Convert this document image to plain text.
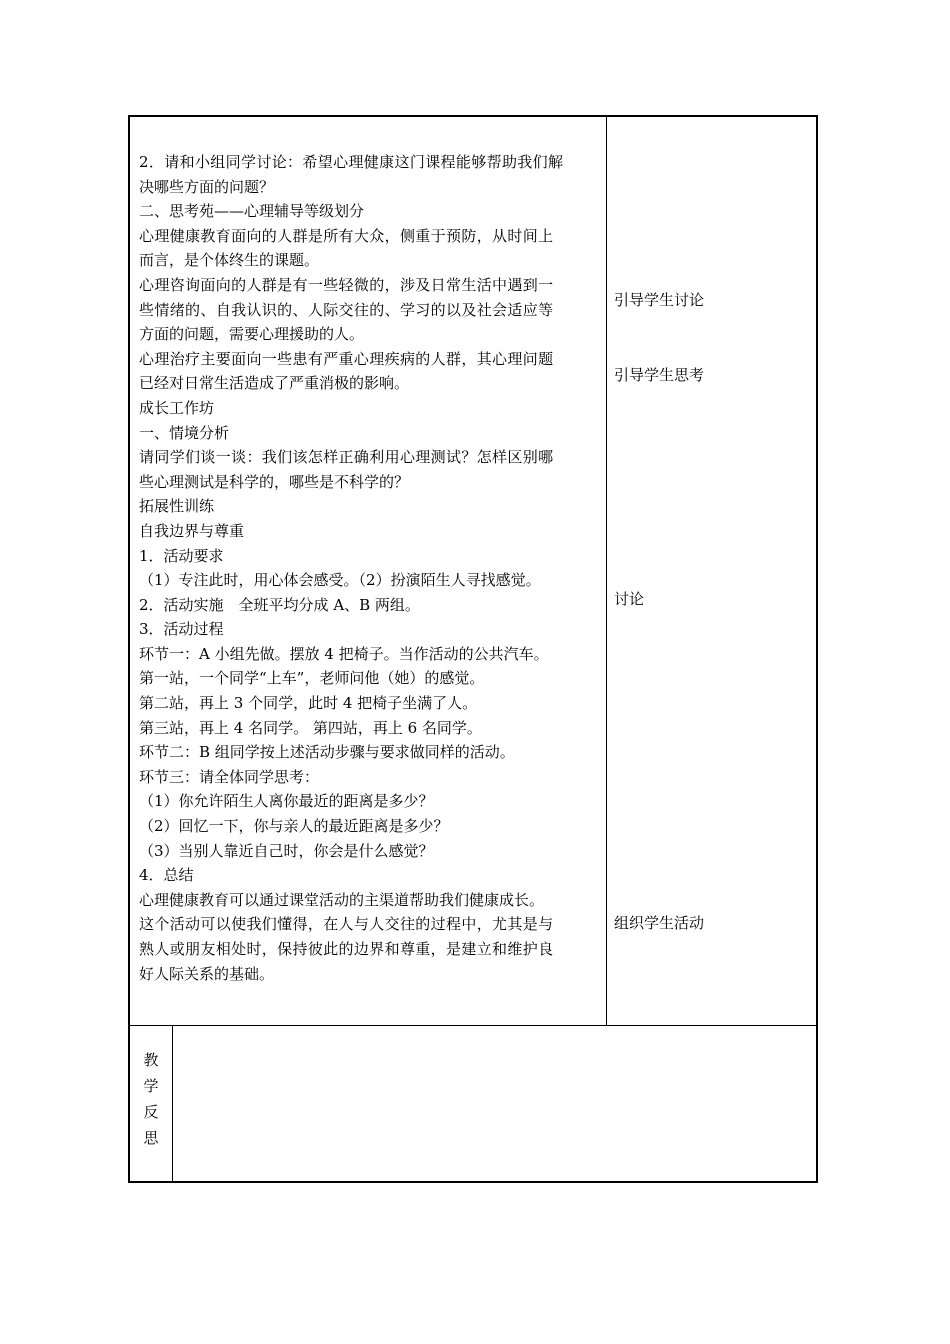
2．请和小组同学讨论：希望心理健康这门课程能够帮助我们解

决哪些方面的问题？

二、思考苑——心理辅导等级划分

心理健康教育面向的人群是所有大众，侧重于预防，从时间上

而言，是个体终生的课题。

心理咨询面向的人群是有一些轻微的，涉及日常生活中遇到一

些情绪的、自我认识的、人际交往的、学习的以及社会适应等

方面的问题，需要心理援助的人。

心理治疗主要面向一些患有严重心理疾病的人群，其心理问题

已经对日常生活造成了严重消极的影响。

成长工作坊

一、情境分析

请同学们谈一谈：我们该怎样正确利用心理测试？怎样区别哪

些心理测试是科学的，哪些是不科学的？

拓展性训练

自我边界与尊重

1．活动要求

（1）专注此时，用心体会感受。（2）扮演陌生人寻找感觉。

2．活动实施　全班平均分成 A、B 两组。

3．活动过程

环节一：A 小组先做。摆放 4 把椅子。当作活动的公共汽车。

第一站，一个同学“上车”，老师问他（她）的感觉。

第二站，再上 3 个同学，此时 4 把椅子坐满了人。

第三站，再上 4 名同学。 第四站，再上 6 名同学。

环节二：B 组同学按上述活动步骤与要求做同样的活动。

环节三：请全体同学思考：

（1）你允许陌生人离你最近的距离是多少？

（2）回忆一下，你与亲人的最近距离是多少？

（3）当别人靠近自己时，你会是什么感觉？

4．总结

心理健康教育可以通过课堂活动的主渠道帮助我们健康成长。

这个活动可以使我们懂得，在人与人交往的过程中，尤其是与

熟人或朋友相处时，保持彼此的边界和尊重，是建立和维护良

好人际关系的基础。

引导学生讨论
引导学生思考
讨论
组织学生活动
教
学
反
思
